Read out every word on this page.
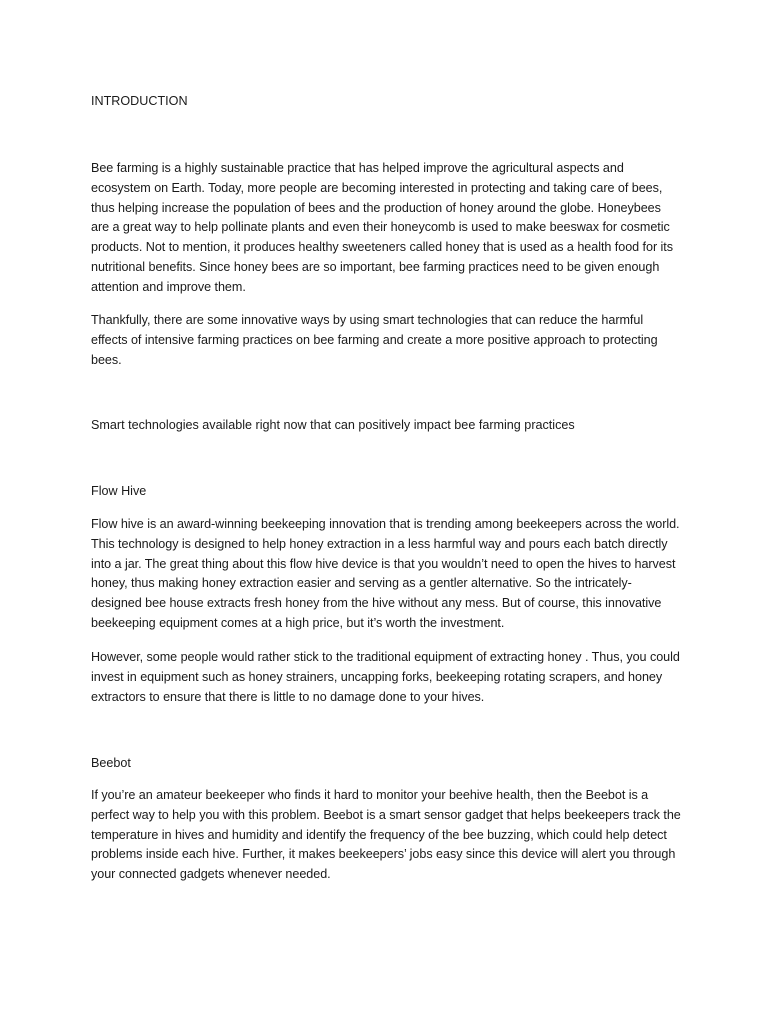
INTRODUCTION

Bee farming is a highly sustainable practice that has helped improve the agricultural aspects and ecosystem on Earth. Today, more people are becoming interested in protecting and taking care of bees, thus helping increase the population of bees and the production of honey around the globe. Honeybees are a great way to help pollinate plants and even their honeycomb is used to make beeswax for cosmetic products. Not to mention, it produces healthy sweeteners called honey that is used as a health food for its nutritional benefits. Since honey bees are so important, bee farming practices need to be given enough attention and improve them.

Thankfully, there are some innovative ways by using smart technologies that can reduce the harmful effects of intensive farming practices on bee farming and create a more positive approach to protecting bees.

Smart technologies available right now that can positively impact bee farming practices

Flow Hive

Flow hive is an award-winning beekeeping innovation that is trending among beekeepers across the world. This technology is designed to help honey extraction in a less harmful way and pours each batch directly into a jar. The great thing about this flow hive device is that you wouldn’t need to open the hives to harvest honey, thus making honey extraction easier and serving as a gentler alternative. So the intricately-designed bee house extracts fresh honey from the hive without any mess. But of course, this innovative beekeeping equipment comes at a high price, but it’s worth the investment.

However, some people would rather stick to the traditional equipment of extracting honey . Thus, you could invest in equipment such as honey strainers, uncapping forks, beekeeping rotating scrapers, and honey extractors to ensure that there is little to no damage done to your hives.

Beebot

If you’re an amateur beekeeper who finds it hard to monitor your beehive health, then the Beebot is a perfect way to help you with this problem. Beebot is a smart sensor gadget that helps beekeepers track the temperature in hives and humidity and identify the frequency of the bee buzzing, which could help detect problems inside each hive. Further, it makes beekeepers’ jobs easy since this device will alert you through your connected gadgets whenever needed.
